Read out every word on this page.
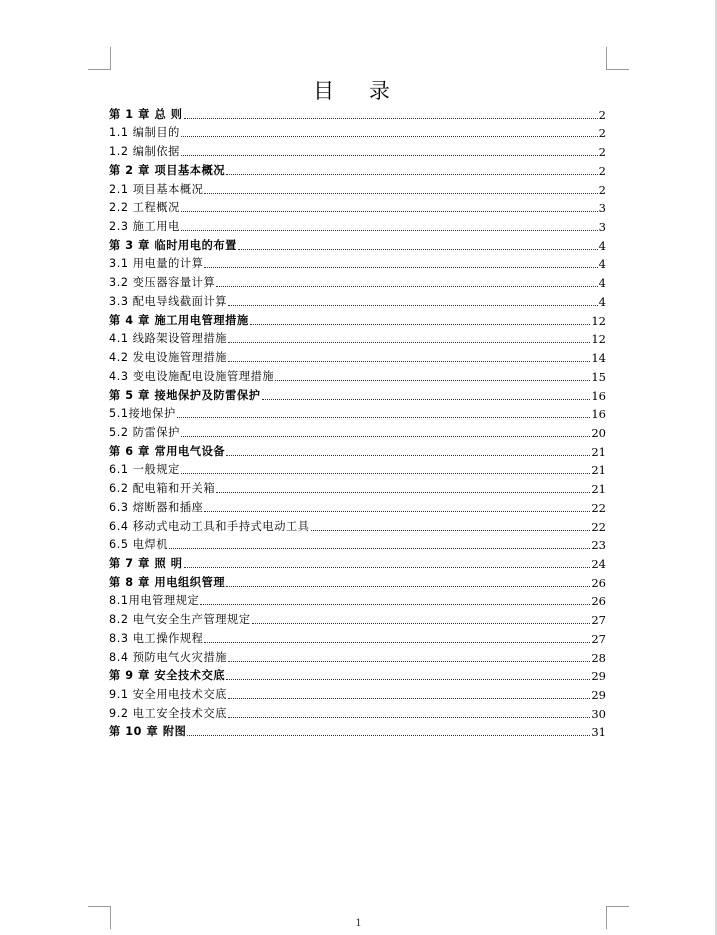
目 录
第 1 章 总 则	2
1.1 编制目的	2
1.2 编制依据	2
第 2 章 项目基本概况	2
2.1 项目基本概况	2
2.2 工程概况	3
2.3 施工用电	3
第 3 章 临时用电的布置	4
3.1 用电量的计算	4
3.2 变压器容量计算	4
3.3 配电导线截面计算	4
第 4 章 施工用电管理措施	12
4.1 线路架设管理措施	12
4.2 发电设施管理措施	14
4.3 变电设施配电设施管理措施	15
第 5 章 接地保护及防雷保护	16
5.1接地保护	16
5.2 防雷保护	20
第 6 章 常用电气设备	21
6.1 一般规定	21
6.2 配电箱和开关箱	21
6.3 熔断器和插座	22
6.4 移动式电动工具和手持式电动工具	22
6.5 电焊机	23
第 7 章 照 明	24
第 8 章 用电组织管理	26
8.1用电管理规定	26
8.2 电气安全生产管理规定	27
8.3 电工操作规程	27
8.4 预防电气火灾措施	28
第 9 章 安全技术交底	29
9.1 安全用电技术交底	29
9.2 电工安全技术交底	30
第 10 章 附图	31
1
